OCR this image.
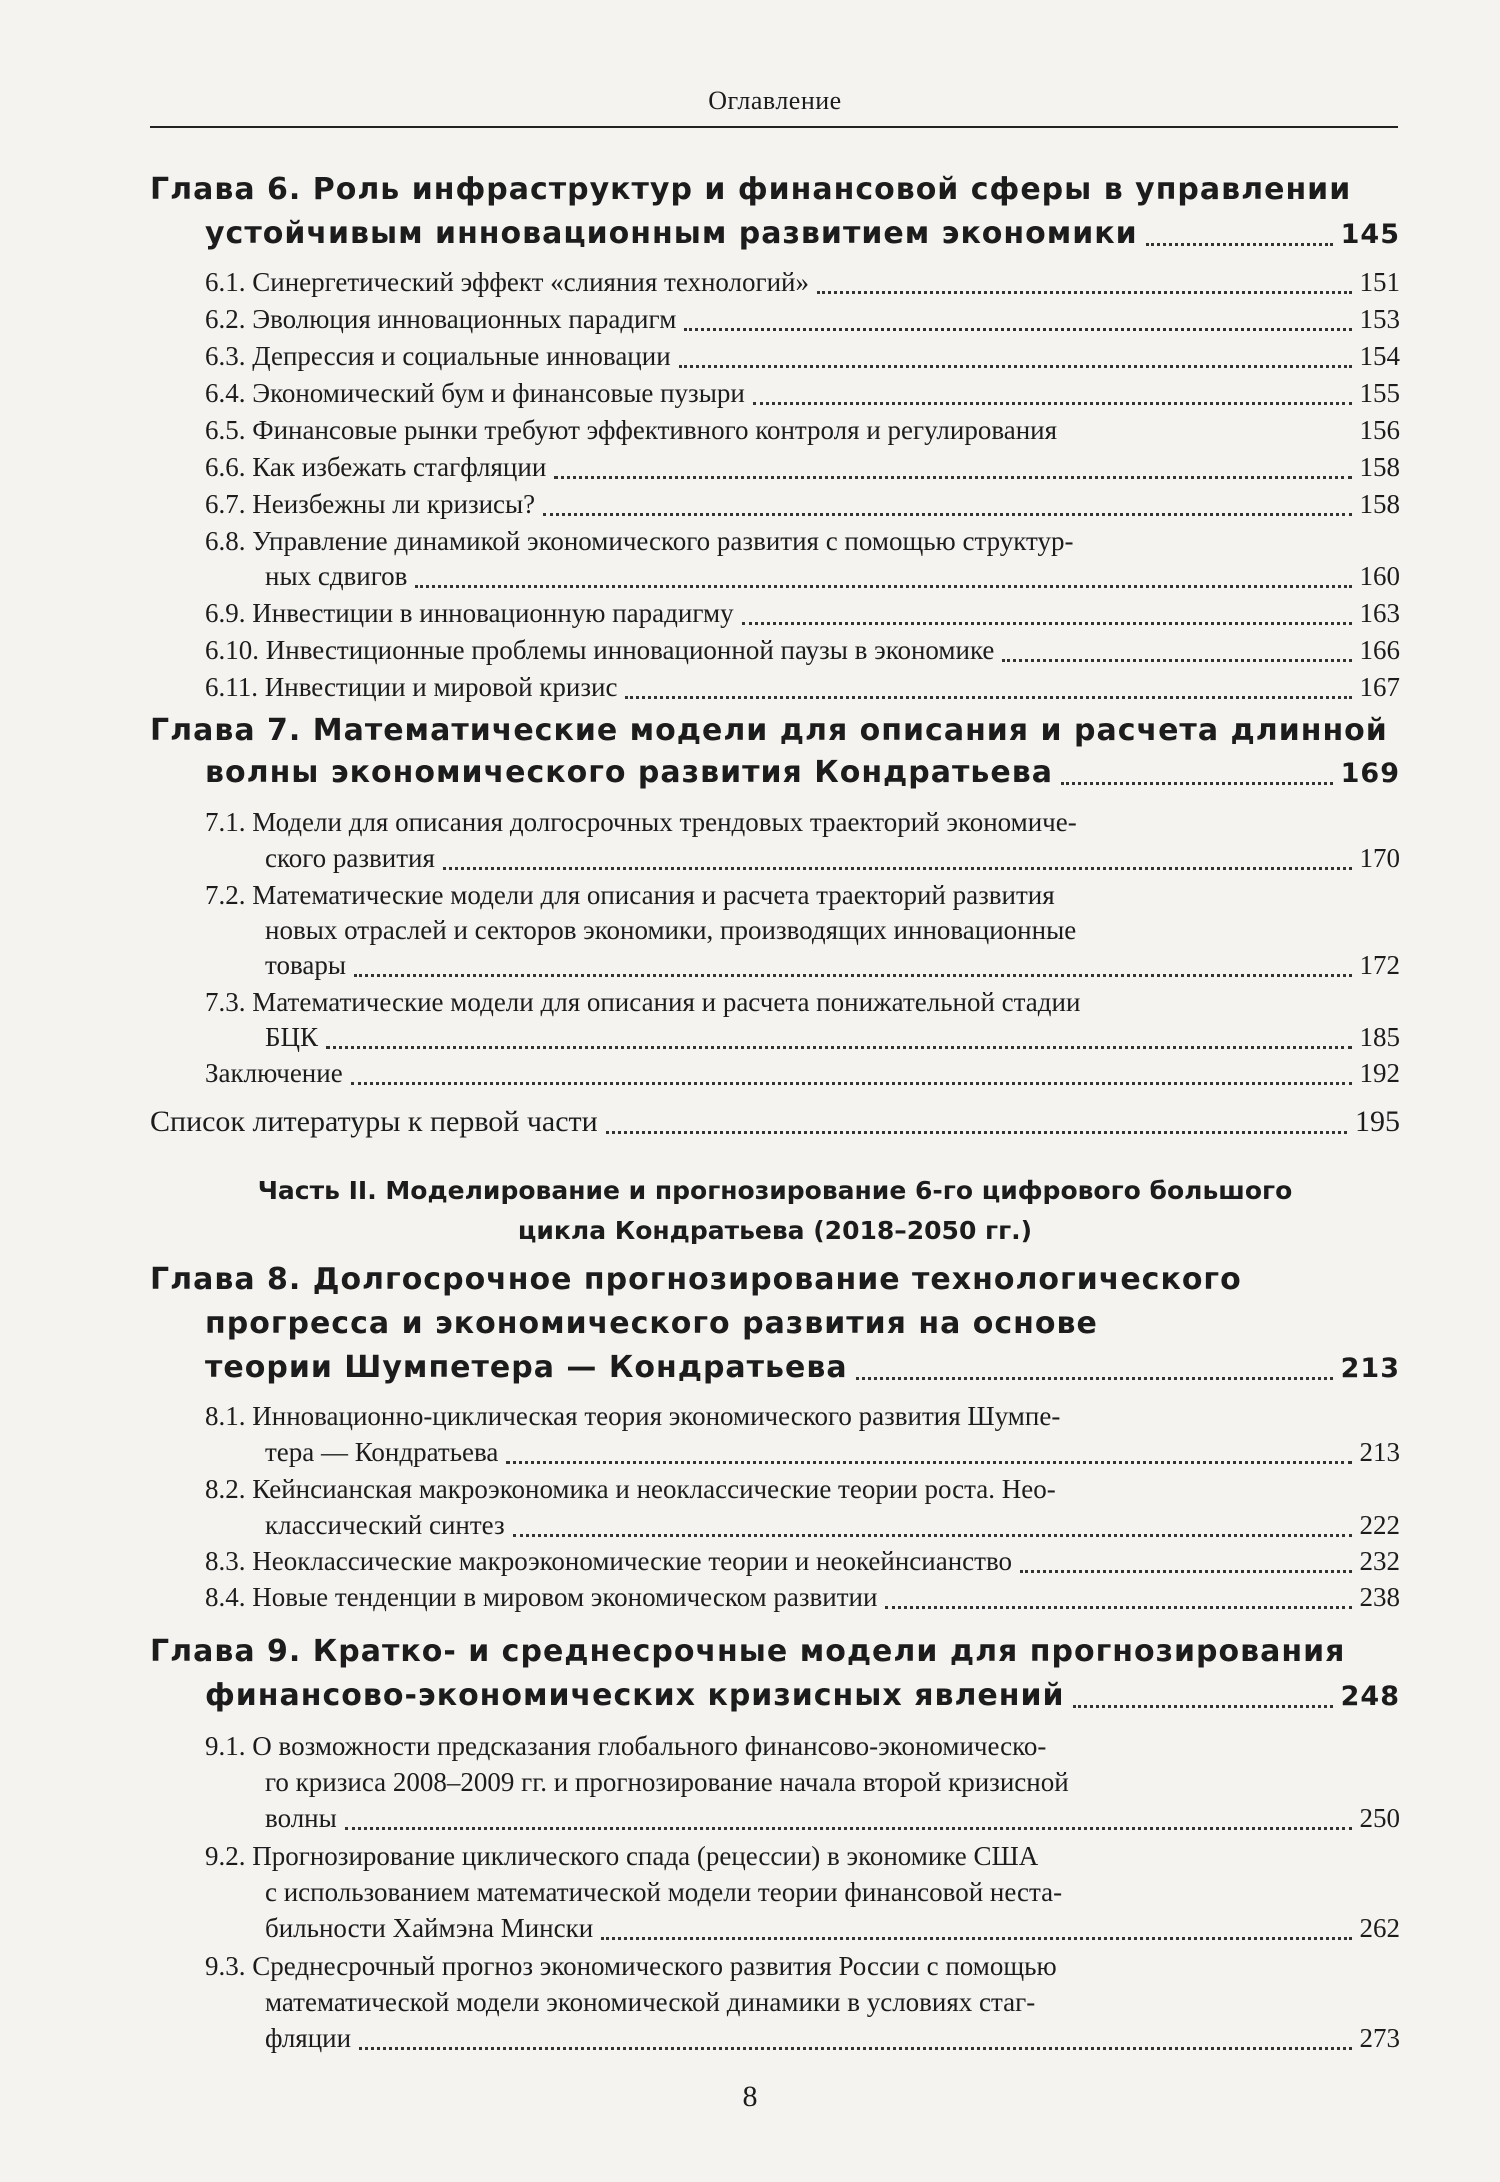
Оглавление
Глава 6. Роль инфраструктур и финансовой сферы в управлении
устойчивым инновационным развитием экономики	145
6.1. Синергетический эффект «слияния технологий»	151
6.2. Эволюция инновационных парадигм	153
6.3. Депрессия и социальные инновации	154
6.4. Экономический бум и финансовые пузыри	155
6.5. Финансовые рынки требуют эффективного контроля и регулирования	156
6.6. Как избежать стагфляции	158
6.7. Неизбежны ли кризисы?	158
6.8. Управление динамикой экономического развития с помощью структур-
ных сдвигов	160
6.9. Инвестиции в инновационную парадигму	163
6.10. Инвестиционные проблемы инновационной паузы в экономике	166
6.11. Инвестиции и мировой кризис	167
Глава 7. Математические модели для описания и расчета длинной
волны экономического развития Кондратьева	169
7.1. Модели для описания долгосрочных трендовых траекторий экономиче-
ского развития	170
7.2. Математические модели для описания и расчета траекторий развития
новых отраслей и секторов экономики, производящих инновационные
товары	172
7.3. Математические модели для описания и расчета понижательной стадии
БЦК	185
Заключение	192
Список литературы к первой части	195
Часть II. Моделирование и прогнозирование 6-го цифрового большого
цикла Кондратьева (2018–2050 гг.)
Глава 8. Долгосрочное прогнозирование технологического
прогресса и экономического развития на основе
теории Шумпетера — Кондратьева	213
8.1. Инновационно-циклическая теория экономического развития Шумпе-
тера — Кондратьева	213
8.2. Кейнсианская макроэкономика и неоклассические теории роста. Нео-
классический синтез	222
8.3. Неоклассические макроэкономические теории и неокейнсианство	232
8.4. Новые тенденции в мировом экономическом развитии	238
Глава 9. Кратко- и среднесрочные модели для прогнозирования
финансово-экономических кризисных явлений	248
9.1. О возможности предсказания глобального финансово-экономическо-
го кризиса 2008–2009 гг. и прогнозирование начала второй кризисной
волны	250
9.2. Прогнозирование циклического спада (рецессии) в экономике США
с использованием математической модели теории финансовой неста-
бильности Хаймэна Мински	262
9.3. Среднесрочный прогноз экономического развития России с помощью
математической модели экономической динамики в условиях стаг-
фляции	273
8
